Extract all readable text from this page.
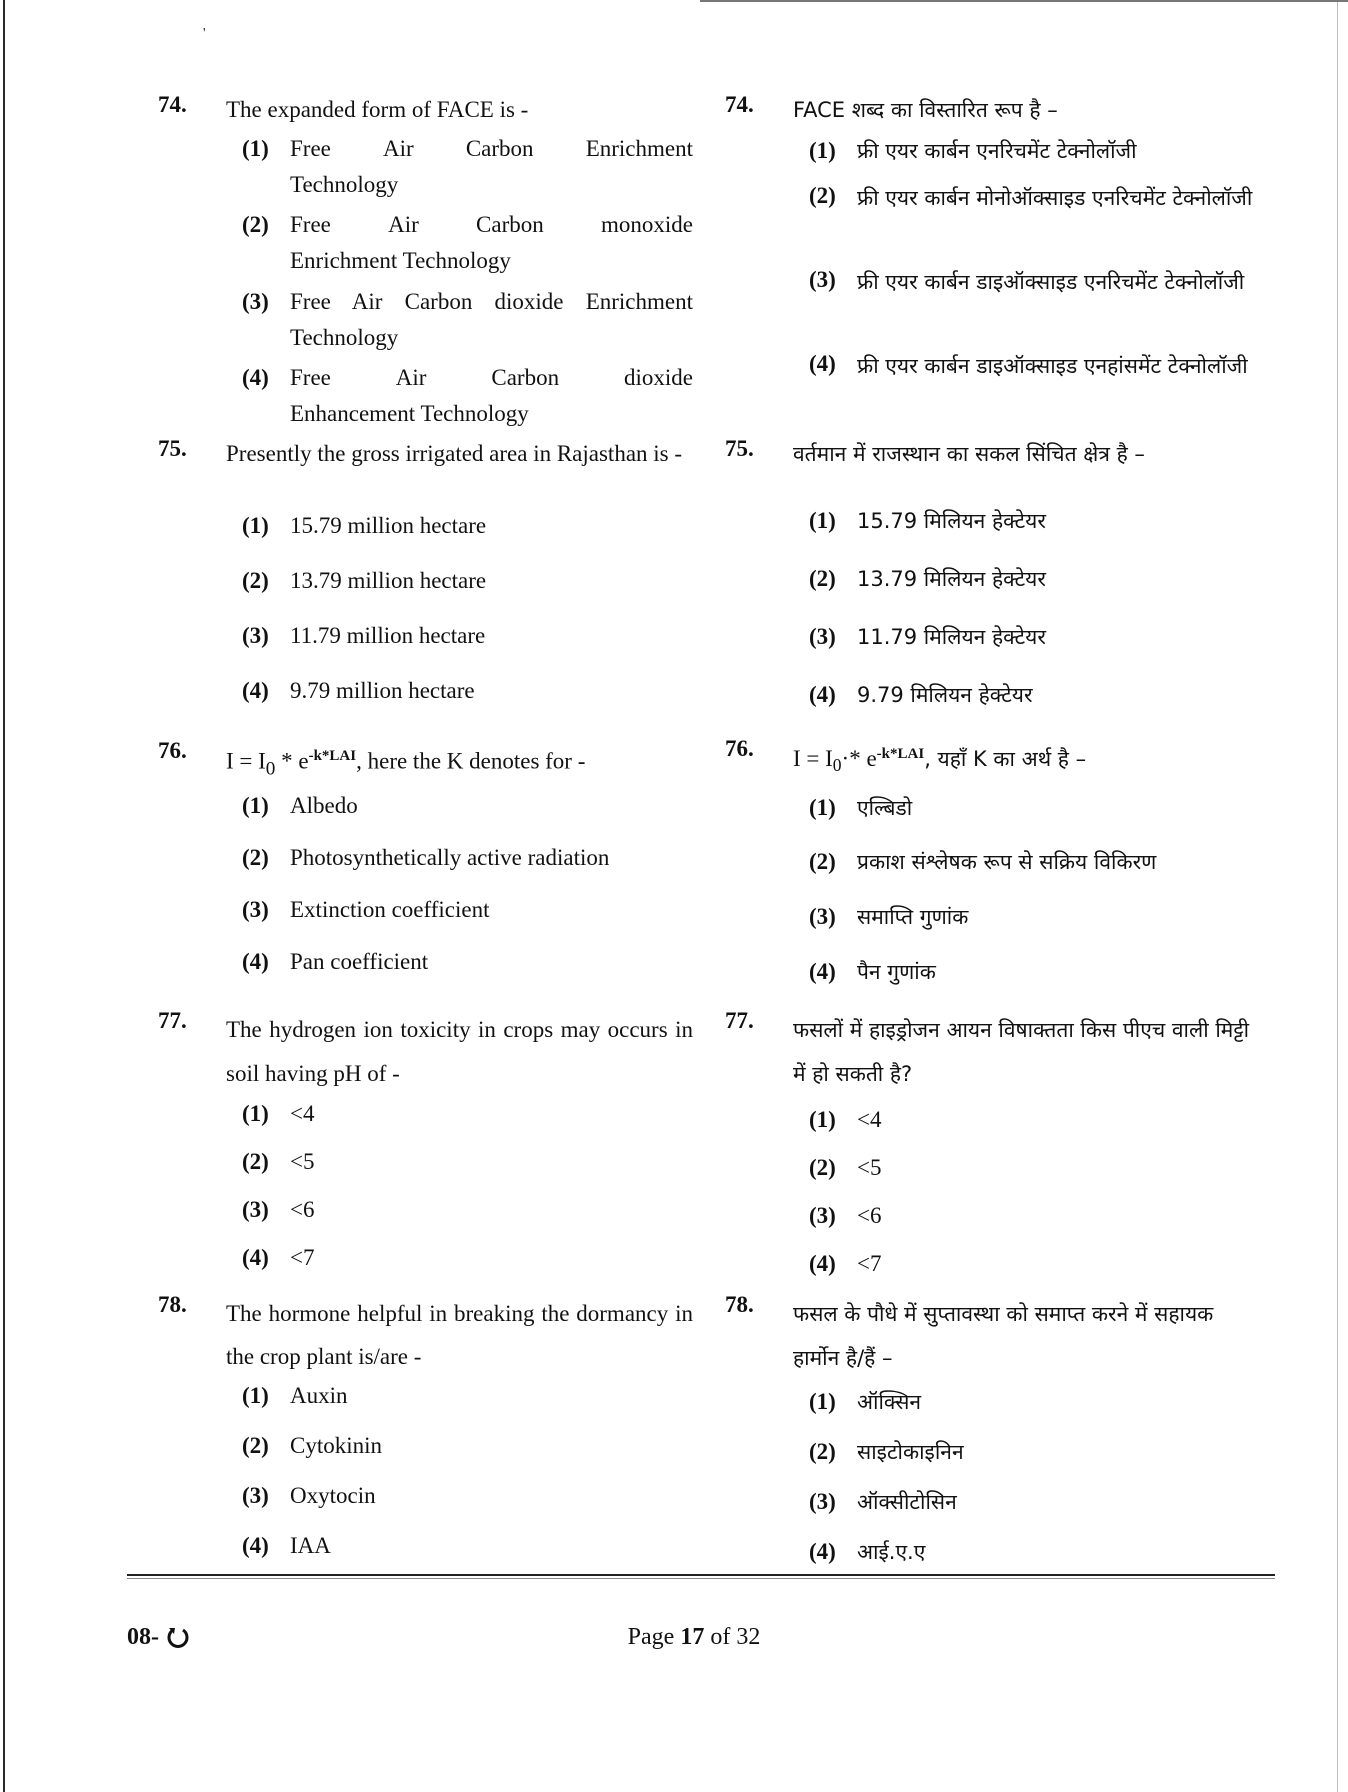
'
74. The expanded form of FACE is -
(1) Free Air Carbon Enrichment
Technology
(2) Free Air Carbon monoxide
Enrichment Technology
(3) Free Air Carbon dioxide Enrichment Technology
(4) Free	Air	Carbon	dioxide
Enhancement Technology
75. Presently the gross irrigated area in Rajasthan is -
(1) 15.79 million hectare
(2) 13.79 million hectare
(3) 11.79 million hectare
(4) 9.79 million hectare
76. $I = I_0 * e^{-k*LAI}$, here the K denotes for -
(1) Albedo
(2) Photosynthetically active radiation
(3) Extinction coefficient
(4) Pan coefficient
77. The hydrogen ion toxicity in crops may occurs in soil having pH of -
(1) <4
(2) <5
(3) <6
(4) <7
78. The hormone helpful in breaking the dormancy in the crop plant is/are -
(1) Auxin
(2) Cytokinin
(3) Oxytocin
(4) IAA
74. FACE शब्द का विस्तारित रूप है –
(1) फ्री एयर कार्बन एनरिचमेंट टेक्नोलॉजी
(2) फ्री एयर कार्बन मोनोऑक्साइड एनरिचमेंट टेक्नोलॉजी
(3) फ्री एयर कार्बन डाइऑक्साइड एनरिचमेंट टेक्नोलॉजी
(4) फ्री एयर कार्बन डाइऑक्साइड एनहांसमेंट टेक्नोलॉजी
75. वर्तमान में राजस्थान का सकल सिंचित क्षेत्र है –
(1) 15.79 मिलियन हेक्टेयर
(2) 13.79 मिलियन हेक्टेयर
(3) 11.79 मिलियन हेक्टेयर
(4) 9.79 मिलियन हेक्टेयर
76. $I = I_0\cdot*$ $e^{-k*LAI}$, यहाँ K का अर्थ है –
(1) एल्बिडो
(2) प्रकाश संश्लेषक रूप से सक्रिय विकिरण
(3) समाप्ति गुणांक
(4) पैन गुणांक
77. फसलों में हाइड्रोजन आयन विषाक्तता किस पीएच वाली मिट्टी में हो सकती है?
(1) <4
(2) <5
(3) <6
(4) <7
78. फसल के पौधे में सुप्तावस्था को समाप्त करने में सहायक हार्मोन है/हैं –
(1) ऑक्सिन
(2) साइटोकाइनिन
(3) ऑक्सीटोसिन
(4) आई.ए.ए
08-	Page 17 of 32
